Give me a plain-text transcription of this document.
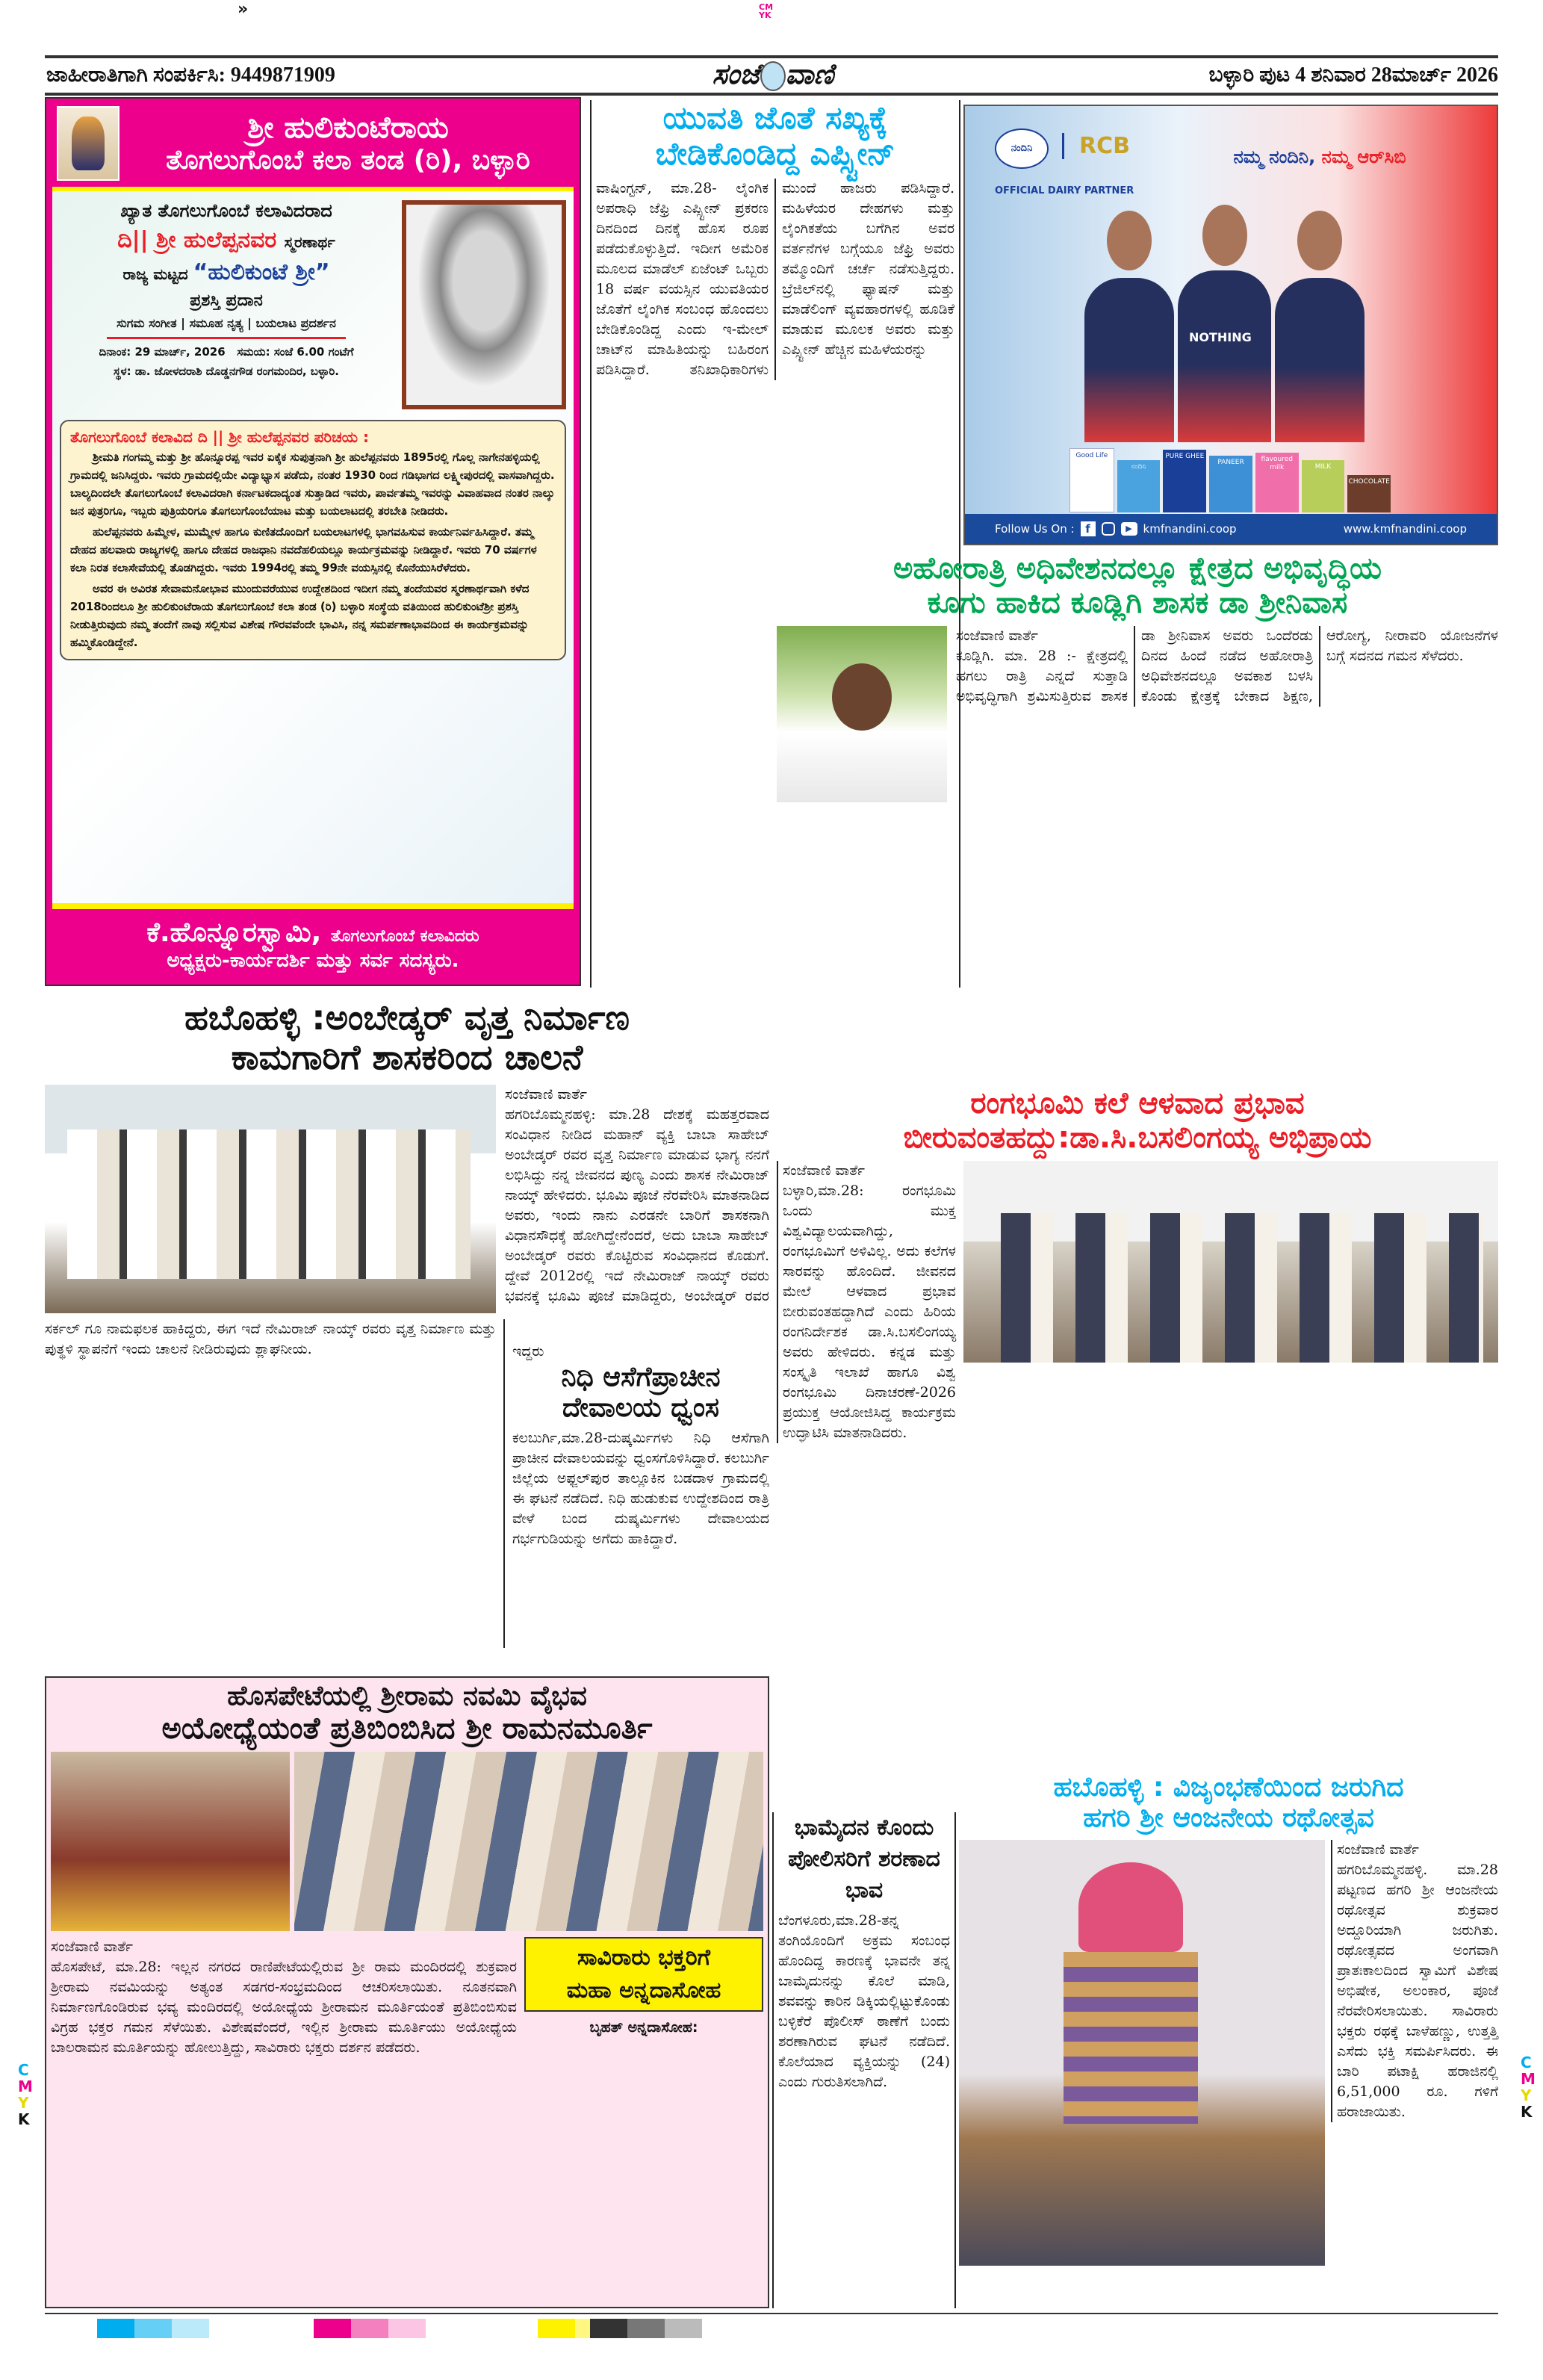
»	CMYK
ಜಾಹೀರಾತಿಗಾಗಿ ಸಂಪರ್ಕಿಸಿ: 9449871909	ಸಂಜೆ ವಾಣಿ	ಬಳ್ಳಾರಿ ಪುಟ 4 ಶನಿವಾರ 28ಮಾರ್ಚ್ 2026
ಶ್ರೀ ಹುಲಿಕುಂಟೆರಾಯ
ತೊಗಲುಗೊಂಬೆ ಕಲಾ ತಂಡ (ರಿ), ಬಳ್ಳಾರಿ
ಖ್ಯಾತ ತೊಗಲುಗೊಂಬೆ ಕಲಾವಿದರಾದ
ದಿ|| ಶ್ರೀ ಹುಲೆಪ್ಪನವರ ಸ್ಮರಣಾರ್ಥ
ರಾಜ್ಯ ಮಟ್ಟದ “ಹುಲಿಕುಂಟೆ ಶ್ರೀ”
ಪ್ರಶಸ್ತಿ ಪ್ರದಾನ
ಸುಗಮ ಸಂಗೀತ | ಸಮೂಹ ನೃತ್ಯ | ಬಯಲಾಟ ಪ್ರದರ್ಶನ
ದಿನಾಂಕ: 29 ಮಾರ್ಚ್, 2026 ಸಮಯ: ಸಂಜೆ 6.00 ಗಂಟೆಗೆ
ಸ್ಥಳ: ಡಾ. ಜೋಳದರಾಶಿ ದೊಡ್ಡನಗೌಡ ರಂಗಮಂದಿರ, ಬಳ್ಳಾರಿ.
ತೊಗಲುಗೊಂಬೆ ಕಲಾವಿದ ದಿ || ಶ್ರೀ ಹುಲೆಪ್ಪನವರ ಪರಿಚಯ :

ಶ್ರೀಮತಿ ಗಂಗಮ್ಮ ಮತ್ತು ಶ್ರೀ ಹೊನ್ನೂರಪ್ಪ ಇವರ ಏಕೈಕ ಸುಪುತ್ರನಾಗಿ ಶ್ರೀ ಹುಲೆಪ್ಪನವರು 1895ರಲ್ಲಿ ಗೊಲ್ಲ ನಾಗೇನಹಳ್ಳಿಯಲ್ಲಿ ಗ್ರಾಮದಲ್ಲಿ ಜನಿಸಿದ್ದರು. ಇವರು ಗ್ರಾಮದಲ್ಲಿಯೇ ವಿದ್ಯಾಭ್ಯಾಸ ಪಡೆದು, ನಂತರ 1930 ರಿಂದ ಗಡಿಭಾಗದ ಲಕ್ಷ್ಮೀಪುರದಲ್ಲಿ ವಾಸವಾಗಿದ್ದರು. ಬಾಲ್ಯದಿಂದಲೇ ತೊಗಲುಗೊಂಬೆ ಕಲಾವಿದರಾಗಿ ಕರ್ನಾಟಕದಾದ್ಯಂತ ಸುತ್ತಾಡಿದ ಇವರು, ಪಾರ್ವತಮ್ಮ ಇವರನ್ನು ವಿವಾಹವಾದ ನಂತರ ನಾಲ್ಕು ಜನ ಪುತ್ರರಿಗೂ, ಇಬ್ಬರು ಪುತ್ರಿಯರಿಗೂ ತೊಗಲುಗೊಂಬೆಯಾಟ ಮತ್ತು ಬಯಲಾಟದಲ್ಲಿ ತರಬೇತಿ ನೀಡಿದರು.

ಹುಲೆಪ್ಪನವರು ಹಿಮ್ಮೇಳ, ಮುಮ್ಮೇಳ ಹಾಗೂ ಕುಣಿತದೊಂದಿಗೆ ಬಯಲಾಟಗಳಲ್ಲಿ ಭಾಗವಹಿಸುವ ಕಾರ್ಯನಿರ್ವಹಿಸಿದ್ದಾರೆ. ತಮ್ಮ ದೇಹದ ಹಲವಾರು ರಾಜ್ಯಗಳಲ್ಲಿ ಹಾಗೂ ದೇಹದ ರಾಜಧಾನಿ ನವದೆಹಲಿಯಲ್ಲೂ ಕಾರ್ಯಕ್ರಮವನ್ನು ನೀಡಿದ್ದಾರೆ. ಇವರು 70 ವರ್ಷಗಳ ಕಲಾ ನಿರತ ಕಲಾಸೇವೆಯಲ್ಲಿ ತೊಡಗಿದ್ದರು. ಇವರು 1994ರಲ್ಲಿ ತಮ್ಮ 99ನೇ ವಯಸ್ಸಿನಲ್ಲಿ ಕೊನೆಯುಸಿರೆಳೆದರು.

ಅವರ ಈ ಅವಿರತ ಸೇವಾಮನೋಭಾವ ಮುಂದುವರೆಯುವ ಉದ್ದೇಶದಿಂದ ಇದೀಗ ನಮ್ಮ ತಂದೆಯವರ ಸ್ಮರಣಾರ್ಥವಾಗಿ ಕಳೆದ 2018ರಿಂದಲೂ ಶ್ರೀ ಹುಲಿಕುಂಟೆರಾಯ ತೊಗಲುಗೊಂಬೆ ಕಲಾ ತಂಡ (ರಿ) ಬಳ್ಳಾರಿ ಸಂಸ್ಥೆಯ ವತಿಯಿಂದ ಹುಲಿಕುಂಟೆಶ್ರೀ ಪ್ರಶಸ್ತಿ ನೀಡುತ್ತಿರುವುದು ನಮ್ಮ ತಂದೆಗೆ ನಾವು ಸಲ್ಲಿಸುವ ವಿಶೇಷ ಗೌರವವೆಂದೇ ಭಾವಿಸಿ, ನನ್ನ ಸಮರ್ಪಣಾಭಾವದಿಂದ ಈ ಕಾರ್ಯಕ್ರಮವನ್ನು ಹಮ್ಮಿಕೊಂಡಿದ್ದೇನೆ.

ಕೆ.ಹೊನ್ನೂರಸ್ವಾಮಿ, ತೊಗಲುಗೊಂಬೆ ಕಲಾವಿದರು
ಅಧ್ಯಕ್ಷರು-ಕಾರ್ಯದರ್ಶಿ ಮತ್ತು ಸರ್ವ ಸದಸ್ಯರು.
ಯುವತಿ ಜೊತೆ ಸಖ್ಯಕ್ಕೆ
ಬೇಡಿಕೊಂಡಿದ್ದ ಎಪ್ಸ್ಟೀನ್
ವಾಷಿಂಗ್ಟನ್, ಮಾ.28- ಲೈಂಗಿಕ ಅಪರಾಧಿ ಜೆಫ್ರಿ ಎಪ್ಸ್ಟೀನ್ ಪ್ರಕರಣ ದಿನದಿಂದ ದಿನಕ್ಕೆ ಹೊಸ ರೂಪ ಪಡೆದುಕೊಳ್ಳುತ್ತಿದೆ. ಇದೀಗ ಅಮೆರಿಕ ಮೂಲದ ಮಾಡೆಲ್ ಏಜೆಂಟ್ ಒಬ್ಬರು 18 ವರ್ಷ ವಯಸ್ಸಿನ ಯುವತಿಯರ ಜೊತೆಗೆ ಲೈಂಗಿಕ ಸಂಬಂಧ ಹೊಂದಲು ಬೇಡಿಕೊಂಡಿದ್ದ ಎಂದು ಇ-ಮೇಲ್ ಚಾಟ್‌ನ ಮಾಹಿತಿಯನ್ನು ಬಹಿರಂಗ ಪಡಿಸಿದ್ದಾರೆ. ತನಿಖಾಧಿಕಾರಿಗಳು ಮುಂದೆ ಹಾಜರು ಪಡಿಸಿದ್ದಾರೆ. ಮಹಿಳೆಯರ ದೇಹಗಳು ಮತ್ತು ಲೈಂಗಿಕತೆಯ ಬಗೆಗಿನ ಅವರ ವರ್ತನೆಗಳ ಬಗ್ಗೆಯೂ ಜೆಫ್ರಿ ಅವರು ತಮ್ಮೊಂದಿಗೆ ಚರ್ಚೆ ನಡೆಸುತ್ತಿದ್ದರು. ಬ್ರೆಜಿಲ್‌ನಲ್ಲಿ ಫ್ಯಾಷನ್ ಮತ್ತು ಮಾಡೆಲಿಂಗ್ ವ್ಯವಹಾರಗಳಲ್ಲಿ ಹೂಡಿಕೆ ಮಾಡುವ ಮೂಲಕ ಅವರು ಮತ್ತು ಎಪ್ಸ್ಟೀನ್ ಹೆಚ್ಚಿನ ಮಹಿಳೆಯರನ್ನು
ನಂದಿನಿ	RCB
OFFICIAL DAIRY PARTNER
ನಮ್ಮ ನಂದಿನಿ, ನಮ್ಮ ಆರ್‌ಸಿಬಿ
NOTHING
Good Life
ನಂದಿನಿ
PURE GHEE
PANEER	flavoured milk	MILK
CHOCOLATE
Follow Us On : f	▶ kmfnandini.coop	www.kmfnandini.coop
ಅಹೋರಾತ್ರಿ ಅಧಿವೇಶನದಲ್ಲೂ ಕ್ಷೇತ್ರದ ಅಭಿವೃದ್ಧಿಯ
ಕೂಗು ಹಾಕಿದ ಕೂಡ್ಲಿಗಿ ಶಾಸಕ ಡಾ ಶ್ರೀನಿವಾಸ
ಸಂಜೆವಾಣಿ ವಾರ್ತೆ
ಕೂಡ್ಲಿಗಿ. ಮಾ. 28 :- ಕ್ಷೇತ್ರದಲ್ಲಿ ಹಗಲು ರಾತ್ರಿ ಎನ್ನದೆ ಸುತ್ತಾಡಿ ಅಭಿವೃದ್ಧಿಗಾಗಿ ಶ್ರಮಿಸುತ್ತಿರುವ ಶಾಸಕ ಡಾ ಶ್ರೀನಿವಾಸ ಅವರು ಒಂದೆರಡು ದಿನದ ಹಿಂದೆ ನಡೆದ ಅಹೋರಾತ್ರಿ ಅಧಿವೇಶನದಲ್ಲೂ ಅವಕಾಶ ಬಳಸಿ ಕೊಂಡು ಕ್ಷೇತ್ರಕ್ಕೆ ಬೇಕಾದ ಶಿಕ್ಷಣ, ಆರೋಗ್ಯ, ನೀರಾವರಿ ಯೋಜನೆಗಳ ಬಗ್ಗೆ ಸದನದ ಗಮನ ಸೆಳೆದರು.
ಹಬೊಹಳ್ಳಿ :ಅಂಬೇಡ್ಕರ್ ವೃತ್ತ ನಿರ್ಮಾಣ
ಕಾಮಗಾರಿಗೆ ಶಾಸಕರಿಂದ ಚಾಲನೆ
ಸಂಜೆವಾಣಿ ವಾರ್ತೆ
ಹಗರಿಬೊಮ್ಮನಹಳ್ಳಿ: ಮಾ.28 ದೇಶಕ್ಕೆ ಮಹತ್ತರವಾದ ಸಂವಿಧಾನ ನೀಡಿದ ಮಹಾನ್ ವ್ಯಕ್ತಿ ಬಾಬಾ ಸಾಹೇಬ್ ಅಂಬೇಡ್ಕರ್ ರವರ ವೃತ್ತ ನಿರ್ಮಾಣ ಮಾಡುವ ಭಾಗ್ಯ ನನಗೆ ಲಭಿಸಿದ್ದು ನನ್ನ ಜೀವನದ ಪುಣ್ಯ ಎಂದು ಶಾಸಕ ನೇಮಿರಾಜ್ ನಾಯ್ಕ್ ಹೇಳಿದರು. ಭೂಮಿ ಪೂಜೆ ನೆರವೇರಿಸಿ ಮಾತನಾಡಿದ ಅವರು, ಇಂದು ನಾನು ಎರಡನೇ ಬಾರಿಗೆ ಶಾಸಕನಾಗಿ ವಿಧಾನಸೌಧಕ್ಕೆ ಹೋಗಿದ್ದೇನೆಂದರೆ, ಅದು ಬಾಬಾ ಸಾಹೇಬ್ ಅಂಬೇಡ್ಕರ್ ರವರು ಕೊಟ್ಟಿರುವ ಸಂವಿಧಾನದ ಕೊಡುಗೆ. ದ್ದೇವೆ 2012ರಲ್ಲಿ ಇದೆ ನೇಮಿರಾಜ್ ನಾಯ್ಕ್ ರವರು ಭವನಕ್ಕೆ ಭೂಮಿ ಪೂಜೆ ಮಾಡಿದ್ದರು, ಅಂಬೇಡ್ಕರ್ ರವರ ಸರ್ಕಲ್ ಗೂ ನಾಮಫಲಕ ಹಾಕಿದ್ದರು, ಈಗ ಇದೆ ನೇಮಿರಾಜ್ ನಾಯ್ಕ್ ರವರು ವೃತ್ತ ನಿರ್ಮಾಣ ಮತ್ತು ಪುತ್ಥಳಿ ಸ್ಥಾಪನೆಗೆ ಇಂದು ಚಾಲನೆ ನೀಡಿರುವುದು ಶ್ಲಾಘನೀಯ.	ಇದ್ದರು
ನಿಧಿ ಆಸೆಗೆಪ್ರಾಚೀನ
ದೇವಾಲಯ ಧ್ವಂಸ
ಕಲಬುರ್ಗಿ,ಮಾ.28-ದುಷ್ಕರ್ಮಿಗಳು ನಿಧಿ ಆಸೆಗಾಗಿ ಪ್ರಾಚೀನ ದೇವಾಲಯವನ್ನು ಧ್ವಂಸಗೊಳಿಸಿದ್ದಾರೆ. ಕಲಬುರ್ಗಿ ಜಿಲ್ಲೆಯ ಅಫ್ಜಲ್‌ಪುರ ತಾಲ್ಲೂಕಿನ ಬಡದಾಳ ಗ್ರಾಮದಲ್ಲಿ ಈ ಘಟನೆ ನಡೆದಿದೆ. ನಿಧಿ ಹುಡುಕುವ ಉದ್ದೇಶದಿಂದ ರಾತ್ರಿ ವೇಳೆ ಬಂದ ದುಷ್ಕರ್ಮಿಗಳು ದೇವಾಲಯದ ಗರ್ಭಗುಡಿಯನ್ನು ಅಗೆದು ಹಾಕಿದ್ದಾರೆ.
ರಂಗಭೂಮಿ ಕಲೆ ಆಳವಾದ ಪ್ರಭಾವ
ಬೀರುವಂತಹದ್ದು:ಡಾ.ಸಿ.ಬಸಲಿಂಗಯ್ಯ ಅಭಿಪ್ರಾಯ
ಸಂಜೆವಾಣಿ ವಾರ್ತೆ
ಬಳ್ಳಾರಿ,ಮಾ.28: ರಂಗಭೂಮಿ ಒಂದು ಮುಕ್ತ ವಿಶ್ವವಿದ್ಯಾಲಯವಾಗಿದ್ದು, ರಂಗಭೂಮಿಗೆ ಅಳಿವಿಲ್ಲ. ಅದು ಕಲೆಗಳ ಸಾರವನ್ನು ಹೊಂದಿದೆ. ಜೀವನದ ಮೇಲೆ ಆಳವಾದ ಪ್ರಭಾವ ಬೀರುವಂತಹದ್ದಾಗಿದೆ ಎಂದು ಹಿರಿಯ ರಂಗನಿರ್ದೇಶಕ ಡಾ.ಸಿ.ಬಸಲಿಂಗಯ್ಯ ಅವರು ಹೇಳಿದರು. ಕನ್ನಡ ಮತ್ತು ಸಂಸ್ಕೃತಿ ಇಲಾಖೆ ಹಾಗೂ ವಿಶ್ವ ರಂಗಭೂಮಿ ದಿನಾಚರಣೆ-2026 ಪ್ರಯುಕ್ತ ಆಯೋಜಿಸಿದ್ದ ಕಾರ್ಯಕ್ರಮ ಉದ್ಘಾಟಿಸಿ ಮಾತನಾಡಿದರು.
ಹೊಸಪೇಟೆಯಲ್ಲಿ ಶ್ರೀರಾಮ ನವಮಿ ವೈಭವ
ಅಯೋಧ್ಯೆಯಂತೆ ಪ್ರತಿಬಿಂಬಿಸಿದ ಶ್ರೀ ರಾಮನಮೂರ್ತಿ
ಸಂಜೆವಾಣಿ ವಾರ್ತೆ
ಹೊಸಪೇಟೆ, ಮಾ.28: ಇಲ್ಲನ ನಗರದ ರಾಣಿಪೇಟೆಯಲ್ಲಿರುವ ಶ್ರೀ ರಾಮ ಮಂದಿರದಲ್ಲಿ ಶುಕ್ರವಾರ ಶ್ರೀರಾಮ ನವಮಿಯನ್ನು ಅತ್ಯಂತ ಸಡಗರ-ಸಂಭ್ರಮದಿಂದ ಆಚರಿಸಲಾಯಿತು. ನೂತನವಾಗಿ ನಿರ್ಮಾಣಗೊಂಡಿರುವ ಭವ್ಯ ಮಂದಿರದಲ್ಲಿ ಅಯೋಧ್ಯೆಯ ಶ್ರೀರಾಮನ ಮೂರ್ತಿಯಂತೆ ಪ್ರತಿಬಿಂಬಿಸುವ ವಿಗ್ರಹ ಭಕ್ತರ ಗಮನ ಸೆಳೆಯಿತು. ವಿಶೇಷವೆಂದರೆ, ಇಲ್ಲಿನ ಶ್ರೀರಾಮ ಮೂರ್ತಿಯು ಅಯೋಧ್ಯೆಯ ಬಾಲರಾಮನ ಮೂರ್ತಿಯನ್ನು ಹೋಲುತ್ತಿದ್ದು, ಸಾವಿರಾರು ಭಕ್ತರು ದರ್ಶನ ಪಡೆದರು.
ಸಾವಿರಾರು ಭಕ್ತರಿಗೆ
ಮಹಾ ಅನ್ನದಾಸೋಹ
ಬೃಹತ್ ಅನ್ನದಾಸೋಹ:
ಭಾಮೈದನ ಕೊಂದು ಪೋಲಿಸರಿಗೆ ಶರಣಾದ ಭಾವ
ಬೆಂಗಳೂರು,ಮಾ.28-ತನ್ನ ತಂಗಿಯೊಂದಿಗೆ ಅಕ್ರಮ ಸಂಬಂಧ ಹೊಂದಿದ್ದ ಕಾರಣಕ್ಕೆ ಭಾವನೇ ತನ್ನ ಬಾಮೈದುನನ್ನು ಕೊಲೆ ಮಾಡಿ, ಶವವನ್ನು ಕಾರಿನ ಡಿಕ್ಕಿಯಲ್ಲಿಟ್ಟುಕೊಂಡು ಬಳ್ಳಿಕೆರೆ ಪೊಲೀಸ್ ಠಾಣೆಗೆ ಬಂದು ಶರಣಾಗಿರುವ ಘಟನೆ ನಡೆದಿದೆ. ಕೊಲೆಯಾದ ವ್ಯಕ್ತಿಯನ್ನು (24) ಎಂದು ಗುರುತಿಸಲಾಗಿದೆ.
ಹಬೊಹಳ್ಳಿ : ವಿಜೃಂಭಣೆಯಿಂದ ಜರುಗಿದ
ಹಗರಿ ಶ್ರೀ ಆಂಜನೇಯ ರಥೋತ್ಸವ
ಸಂಜೆವಾಣಿ ವಾರ್ತೆ
ಹಗರಿಬೊಮ್ಮನಹಳ್ಳಿ. ಮಾ.28 ಪಟ್ಟಣದ ಹಗರಿ ಶ್ರೀ ಆಂಜನೇಯ ರಥೋತ್ಸವ ಶುಕ್ರವಾರ ಅದ್ದೂರಿಯಾಗಿ ಜರುಗಿತು. ರಥೋತ್ಸವದ ಅಂಗವಾಗಿ ಪ್ರಾತಃಕಾಲದಿಂದ ಸ್ವಾಮಿಗೆ ವಿಶೇಷ ಅಭಿಷೇಕ, ಅಲಂಕಾರ, ಪೂಜೆ ನೆರವೇರಿಸಲಾಯಿತು. ಸಾವಿರಾರು ಭಕ್ತರು ರಥಕ್ಕೆ ಬಾಳೆಹಣ್ಣು, ಉತ್ತತ್ತಿ ಎಸೆದು ಭಕ್ತಿ ಸಮರ್ಪಿಸಿದರು. ಈ ಬಾರಿ ಪಟಾಕ್ಷಿ ಹರಾಜಿನಲ್ಲಿ 6,51,000 ರೂ. ಗಳಿಗೆ ಹರಾಜಾಯಿತು.
C
M
Y
K
C
M
Y
K
